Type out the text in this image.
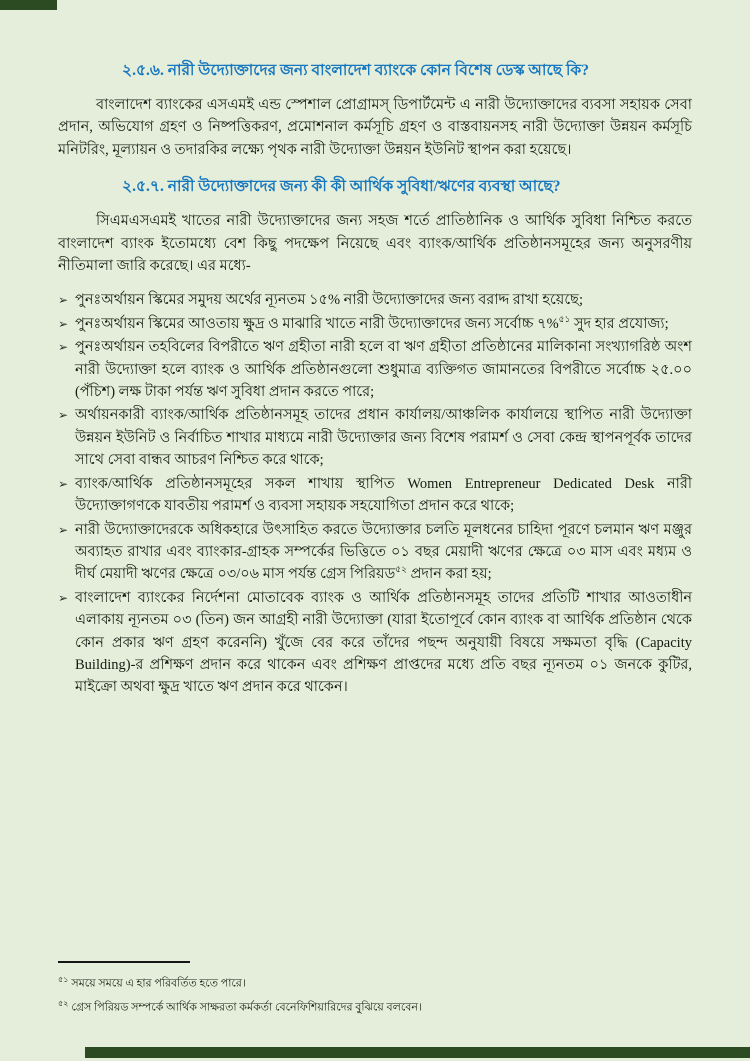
২.৫.৬. নারী উদ্যোক্তাদের জন্য বাংলাদেশ ব্যাংকে কোন বিশেষ ডেস্ক আছে কি?

বাংলাদেশ ব্যাংকের এসএমই এন্ড স্পেশাল প্রোগ্রামস্ ডিপার্টমেন্ট এ নারী উদ্যোক্তাদের ব্যবসা সহায়ক সেবা প্রদান, অভিযোগ গ্রহণ ও নিষ্পত্তিকরণ, প্রমোশনাল কর্মসূচি গ্রহণ ও বাস্তবায়নসহ নারী উদ্যোক্তা উন্নয়ন কর্মসূচি মনিটরিং, মূল্যায়ন ও তদারকির লক্ষ্যে পৃথক নারী উদ্যোক্তা উন্নয়ন ইউনিট স্থাপন করা হয়েছে।

২.৫.৭. নারী উদ্যোক্তাদের জন্য কী কী আর্থিক সুবিধা/ঋণের ব্যবস্থা আছে?

সিএমএসএমই খাতের নারী উদ্যোক্তাদের জন্য সহজ শর্তে প্রাতিষ্ঠানিক ও আর্থিক সুবিধা নিশ্চিত করতে বাংলাদেশ ব্যাংক ইতোমধ্যে বেশ কিছু পদক্ষেপ নিয়েছে এবং ব্যাংক/আর্থিক প্রতিষ্ঠানসমূহের জন্য অনুসরণীয় নীতিমালা জারি করেছে। এর মধ্যে-

➢ পুনঃঅর্থায়ন স্কিমের সমুদয় অর্থের ন্যূনতম ১৫% নারী উদ্যোক্তাদের জন্য বরাদ্দ রাখা হয়েছে;
➢ পুনঃঅর্থায়ন স্কিমের আওতায় ক্ষুদ্র ও মাঝারি খাতে নারী উদ্যোক্তাদের জন্য সর্বোচ্চ ৭%$^{৫১}$ সুদ হার প্রযোজ্য;
➢ পুনঃঅর্থায়ন তহবিলের বিপরীতে ঋণ গ্রহীতা নারী হলে বা ঋণ গ্রহীতা প্রতিষ্ঠানের মালিকানা সংখ্যাগরিষ্ঠ অংশ নারী উদ্যোক্তা হলে ব্যাংক ও আর্থিক প্রতিষ্ঠানগুলো শুধুমাত্র ব্যক্তিগত জামানতের বিপরীতে সর্বোচ্চ ২৫.০০ (পঁচিশ) লক্ষ টাকা পর্যন্ত ঋণ সুবিধা প্রদান করতে পারে;
➢ অর্থায়নকারী ব্যাংক/আর্থিক প্রতিষ্ঠানসমূহ তাদের প্রধান কার্যালয়/আঞ্চলিক কার্যালয়ে স্থাপিত নারী উদ্যোক্তা উন্নয়ন ইউনিট ও নির্বাচিত শাখার মাধ্যমে নারী উদ্যোক্তার জন্য বিশেষ পরামর্শ ও সেবা কেন্দ্র স্থাপনপূর্বক তাদের সাথে সেবা বান্ধব আচরণ নিশ্চিত করে থাকে;
➢ ব্যাংক/আর্থিক প্রতিষ্ঠানসমূহের সকল শাখায় স্থাপিত Women Entrepreneur Dedicated Desk নারী উদ্যোক্তাগণকে যাবতীয় পরামর্শ ও ব্যবসা সহায়ক সহযোগিতা প্রদান করে থাকে;
➢ নারী উদ্যোক্তাদেরকে অধিকহারে উৎসাহিত করতে উদ্যোক্তার চলতি মূলধনের চাহিদা পূরণে চলমান ঋণ মঞ্জুর অব্যাহত রাখার এবং ব্যাংকার-গ্রাহক সম্পর্কের ভিত্তিতে ০১ বছর মেয়াদী ঋণের ক্ষেত্রে ০৩ মাস এবং মধ্যম ও দীর্ঘ মেয়াদী ঋণের ক্ষেত্রে ০৩/০৬ মাস পর্যন্ত গ্রেস পিরিয়ড$^{৫২}$ প্রদান করা হয়;
➢ বাংলাদেশ ব্যাংকের নির্দেশনা মোতাবেক ব্যাংক ও আর্থিক প্রতিষ্ঠানসমূহ তাদের প্রতিটি শাখার আওতাধীন এলাকায় ন্যূনতম ০৩ (তিন) জন আগ্রহী নারী উদ্যোক্তা (যারা ইতোপূর্বে কোন ব্যাংক বা আর্থিক প্রতিষ্ঠান থেকে কোন প্রকার ঋণ গ্রহণ করেননি) খুঁজে বের করে তাঁদের পছন্দ অনুযায়ী বিষয়ে সক্ষমতা বৃদ্ধি (Capacity Building)-র প্রশিক্ষণ প্রদান করে থাকেন এবং প্রশিক্ষণ প্রাপ্তদের মধ্যে প্রতি বছর ন্যূনতম ০১ জনকে কুটির, মাইক্রো অথবা ক্ষুদ্র খাতে ঋণ প্রদান করে থাকেন।
$^{৫১}$ সময়ে সময়ে এ হার পরিবর্তিত হতে পারে।
$^{৫২}$ গ্রেস পিরিয়ড সম্পর্কে আর্থিক সাক্ষরতা কর্মকর্তা বেনেফিশিয়ারিদের বুঝিয়ে বলবেন।
